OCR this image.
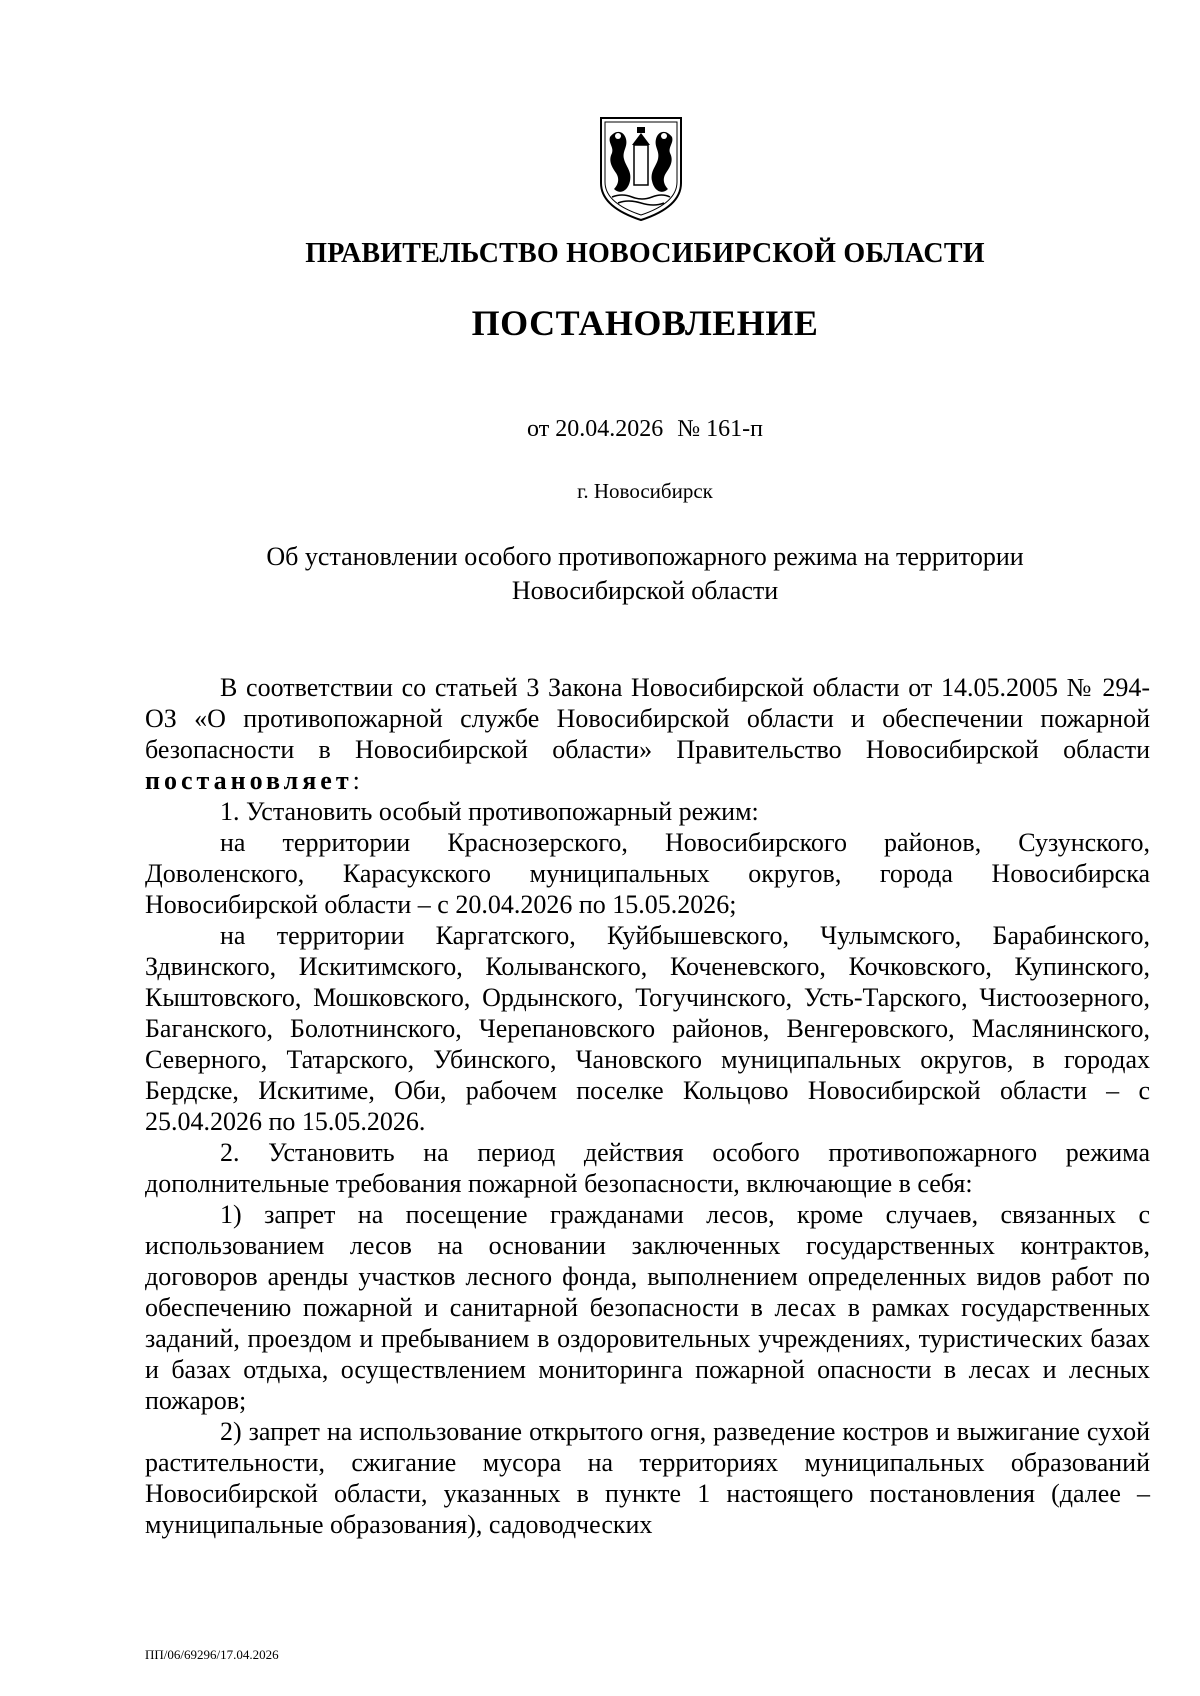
ПРАВИТЕЛЬСТВО НОВОСИБИРСКОЙ ОБЛАСТИ
ПОСТАНОВЛЕНИЕ
от 20.04.2026 № 161-п
г. Новосибирск
Об установлении особого противопожарного режима на территории
Новосибирской области

В соответствии со статьей 3 Закона Новосибирской области от 14.05.2005 № 294-ОЗ «О противопожарной службе Новосибирской области и обеспечении пожарной безопасности в Новосибирской области» Правительство Новосибирской области постановляет:

1. Установить особый противопожарный режим:

на территории Краснозерского, Новосибирского районов, Сузунского, Доволенского, Карасукского муниципальных округов, города Новосибирска Новосибирской области – с 20.04.2026 по 15.05.2026;

на территории Каргатского, Куйбышевского, Чулымского, Барабинского, Здвинского, Искитимского, Колыванского, Коченевского, Кочковского, Купинского, Кыштовского, Мошковского, Ордынского, Тогучинского, Усть-Тарского, Чистоозерного, Баганского, Болотнинского, Черепановского районов, Венгеровского, Маслянинского, Северного, Татарского, Убинского, Чановского муниципальных округов, в городах Бердске, Искитиме, Оби, рабочем поселке Кольцово Новосибирской области – с 25.04.2026 по 15.05.2026.

2. Установить на период действия особого противопожарного режима дополнительные требования пожарной безопасности, включающие в себя:

1) запрет на посещение гражданами лесов, кроме случаев, связанных с использованием лесов на основании заключенных государственных контрактов, договоров аренды участков лесного фонда, выполнением определенных видов работ по обеспечению пожарной и санитарной безопасности в лесах в рамках государственных заданий, проездом и пребыванием в оздоровительных учреждениях, туристических базах и базах отдыха, осуществлением мониторинга пожарной опасности в лесах и лесных пожаров;

2) запрет на использование открытого огня, разведение костров и выжигание сухой растительности, сжигание мусора на территориях муниципальных образований Новосибирской области, указанных в пункте 1 настоящего постановления (далее – муниципальные образования), садоводческих

ПП/06/69296/17.04.2026
